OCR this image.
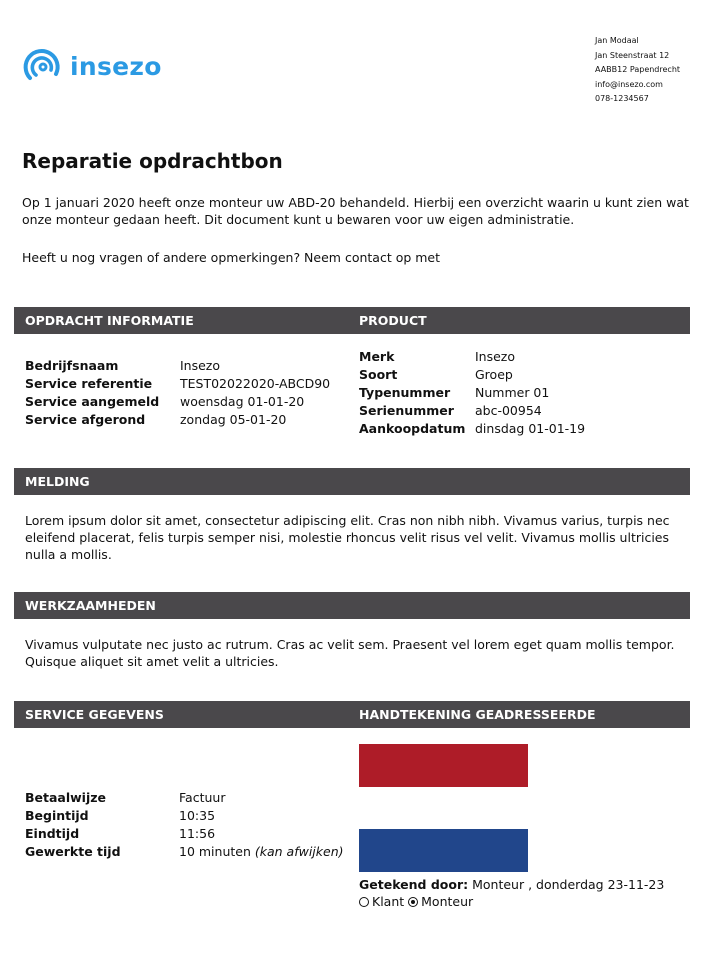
insezo
Jan Modaal
Jan Steenstraat 12
AABB12 Papendrecht
info@insezo.com
078-1234567
Reparatie opdrachtbon
Op 1 januari 2020 heeft onze monteur uw ABD-20 behandeld. Hierbij een overzicht waarin u kunt zien wat onze monteur gedaan heeft. Dit document kunt u bewaren voor uw eigen administratie.
Heeft u nog vragen of andere opmerkingen? Neem contact op met
OPDRACHT INFORMATIE	PRODUCT
Bedrijfsnaam	Insezo
Service referentie	TEST02022020-ABCD90
Service aangemeld	woensdag 01-01-20
Service afgerond	zondag 05-01-20
Merk	Insezo
Soort	Groep
Typenummer	Nummer 01
Serienummer	abc-00954
Aankoopdatum dinsdag 01-01-19
MELDING
Lorem ipsum dolor sit amet, consectetur adipiscing elit. Cras non nibh nibh. Vivamus varius, turpis nec eleifend placerat, felis turpis semper nisi, molestie rhoncus velit risus vel velit. Vivamus mollis ultricies nulla a mollis.
WERKZAAMHEDEN
Vivamus vulputate nec justo ac rutrum. Cras ac velit sem. Praesent vel lorem eget quam mollis tempor. Quisque aliquet sit amet velit a ultricies.
SERVICE GEGEVENS	HANDTEKENING GEADRESSEERDE
Betaalwijze	Factuur
Begintijd	10:35
Eindtijd	11:56
Gewerkte tijd	10 minuten
(kan afwijken)
Getekend door: Monteur , donderdag 23-11-23
Klant Monteur
